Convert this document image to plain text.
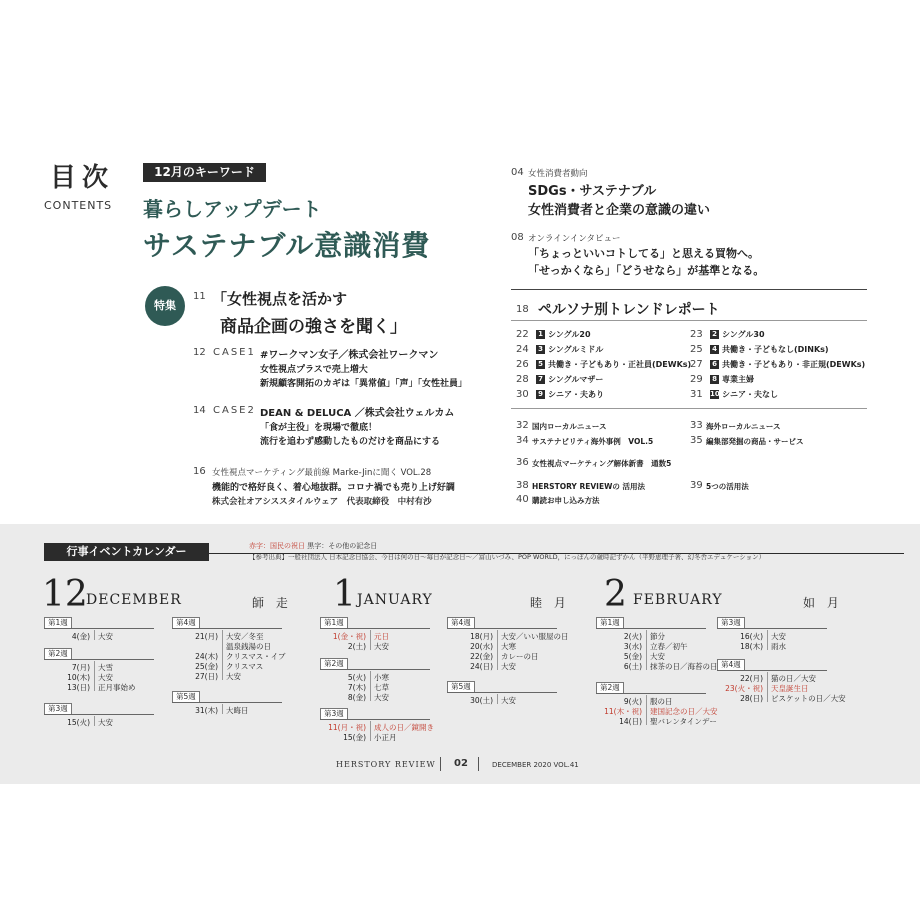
目次
CONTENTS
12月のキーワード
暮らしアップデート
サステナブル意識消費
特集
11 「女性視点を活かす
商品企画の強さを聞く」
12 CASE1 #ワークマン女子／株式会社ワークマン
女性視点プラスで売上増大
新規顧客開拓のカギは「異常値」「声」「女性社員」
14 CASE2 DEAN & DELUCA ／株式会社ウェルカム
「食が主役」を現場で徹底！
流行を追わず感動したものだけを商品にする
16 女性視点マーケティング最前線 Marke-Jinに聞く VOL.28
機能的で格好良く、着心地抜群。コロナ禍でも売り上げ好調
株式会社オアシススタイルウェア　代表取締役　中村有沙
04 女性消費者動向
SDGs・サステナブル
女性消費者と企業の意識の違い
08 オンラインインタビュー
「ちょっといいコトしてる」と思える買物へ。
「せっかくなら」「どうせなら」が基準となる。
18 ペルソナ別トレンドレポート
22 1 シングル20	23 2 シングル30
24 3 シングルミドル	25 4 共働き・子どもなし(DINKs)
26 5 共働き・子どもあり・正社員(DEWKs)
27 6 共働き・子どもあり・非正規(DEWKs)
28 7 シングルマザー	29 8 専業主婦
30 9 シニア・夫あり	31 10 シニア・夫なし
32 国内ローカルニュース	33 海外ローカルニュース
34 サステナビリティ海外事例　VOL.5	35 編集部発掘の商品・サービス
36 女性視点マーケティング解体新書　通数5
38 HERSTORY REVIEWの 活用法	39 5つの活用法
40 購読お申し込み方法
行事イベントカレンダー	赤字：国民の祝日 黒字：その他の記念日
【参考出典】一般社団法人 日本記念日協会、今日は何の日〜毎日が記念日〜／富山いづみ、POP WORLD，にっぽんの歳時記ずかん（平野恵理子著、幻冬舎エデュケーション）
12
DECEMBER	師 走 1 JANUARY	睦 月 2 FEBRUARY	如 月
第1週
4(金) 大安
第2週
7(月) 大雪
10(木) 大安
13(日) 正月事始め
第3週
15(火) 大安
第4週
21(月) 大安／冬至
温泉銭湯の日
24(木) クリスマス・イブ
25(金) クリスマス
27(日) 大安
第5週
31(木) 大晦日
第1週
1(金・祝) 元日
2(土) 大安
第2週
5(火) 小寒
7(木) 七草
8(金) 大安
第3週
11(月・祝) 成人の日／鏡開き
15(金) 小正月
第4週
18(月) 大安／いい服屋の日
20(水) 大寒
22(金) カレーの日
24(日) 大安
第5週
30(土) 大安
第1週
2(火) 節分
3(水) 立春／初午
5(金) 大安
6(土) 抹茶の日／海苔の日
第2週
9(火) 服の日
11(木・祝) 建国記念の日／大安
14(日) 聖バレンタインデー
第3週
16(火) 大安
18(木) 雨水
第4週
22(月) 猫の日／大安
23(火・祝) 天皇誕生日
28(日) ビスケットの日／大安
HERSTORY REVIEW 02	DECEMBER 2020 VOL.41
